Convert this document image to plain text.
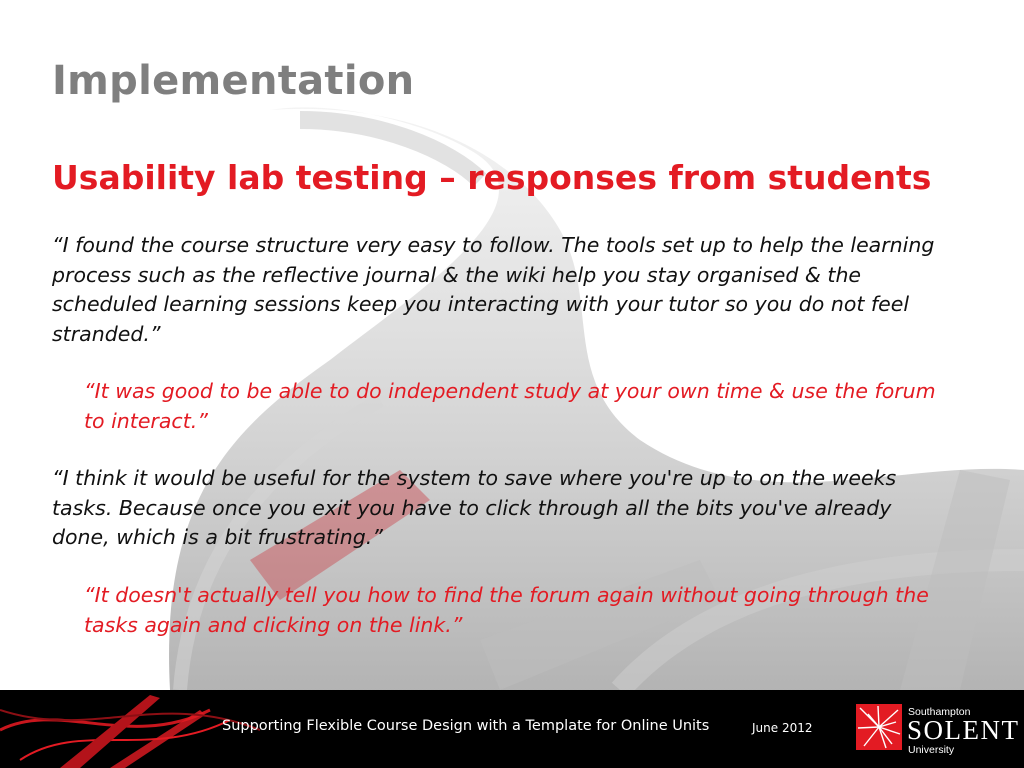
Implementation
Usability lab testing – responses from students

“I found the course structure very easy to follow. The tools set up to help the learning process such as the reflective journal & the wiki help you stay organised & the scheduled learning sessions keep you interacting with your tutor so you do not feel stranded.”

“It was good to be able to do independent study at your own time & use the forum to interact.”

“I think it would be useful for the system to save where you're up to on the weeks tasks. Because once you exit you have to click through all the bits you've already done, which is a bit frustrating.”

“It doesn't actually tell you how to find the forum again without going through the tasks again and clicking on the link.”

Supporting Flexible Course Design with a Template for Online Units	June 2012
Southampton
SOLENT
University
